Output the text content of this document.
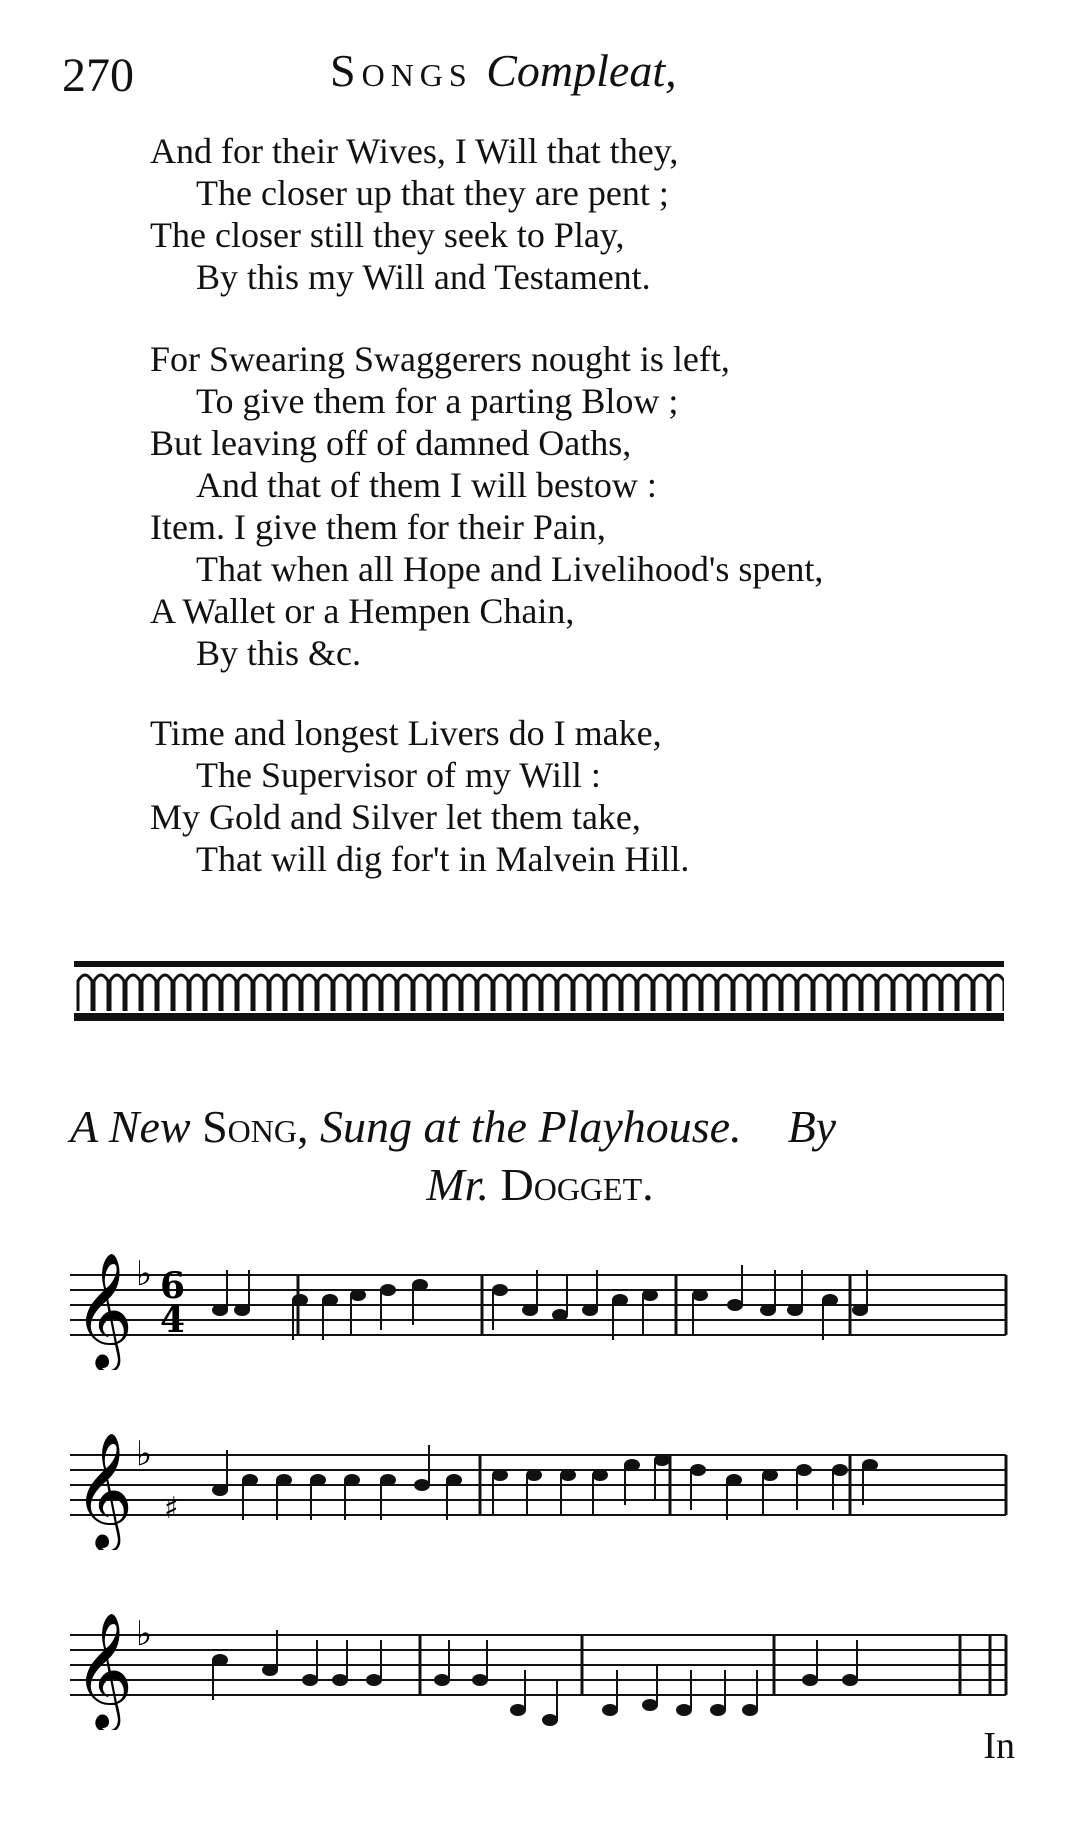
270	Songs Compleat,
And for their Wives, I Will that they,
The closer up that they are pent ;
The closer still they seek to Play,
By this my Will and Testament.
For Swearing Swaggerers nought is left,
To give them for a parting Blow ;
But leaving off of damned Oaths,
And that of them I will bestow :
Item. I give them for their Pain,
That when all Hope and Livelihood's spent,
A Wallet or a Hempen Chain,
By this &c.
Time and longest Livers do I make,
The Supervisor of my Will :
My Gold and Silver let them take,
That will dig for't in Malvein Hill.
A New Song, Sung at the Playhouse. By
Mr. Dogget.
𝄞 ♭ 6
4
𝄞 ♭
♯
𝄞 ♭
In
